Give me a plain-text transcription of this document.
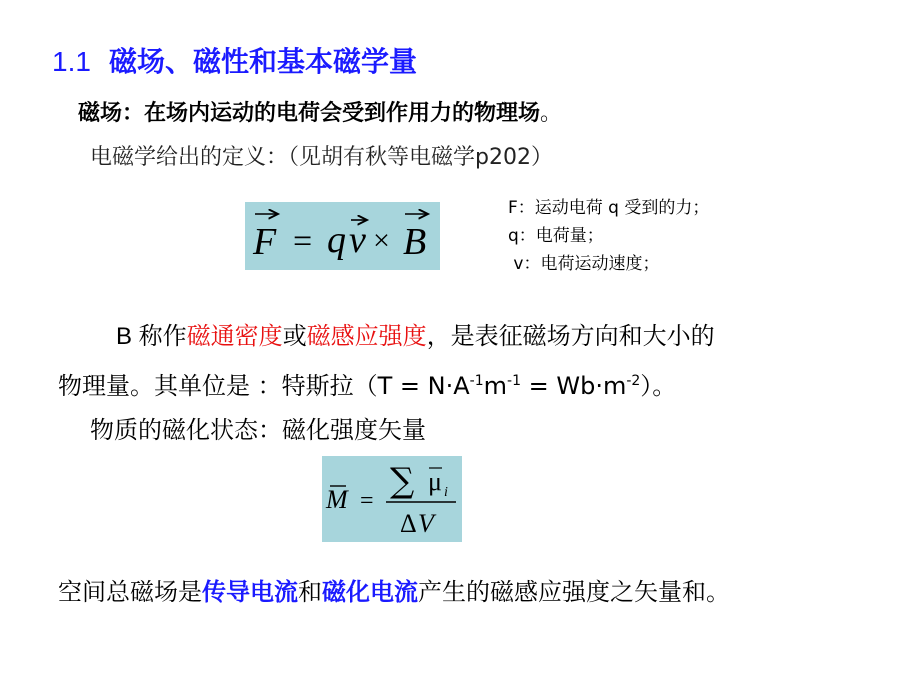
1.1 磁场、磁性和基本磁学量
磁场：在场内运动的电荷会受到作用力的物理场。
电磁学给出的定义：（见胡有秋等电磁学p202）
F = q v × B
F：运动电荷 q 受到的力；
q：电荷量；
v：电荷运动速度；
B 称作磁通密度或磁感应强度，是表征磁场方向和大小的
物理量。其单位是 ：特斯拉$(T = N\cdot A^{-1}m^{-1} = Wb\cdot m^{-2})$。
物质的磁化状态：磁化强度矢量
M = ∑ μ i
Δ V
空间总磁场是传导电流和磁化电流产生的磁感应强度之矢量和。
